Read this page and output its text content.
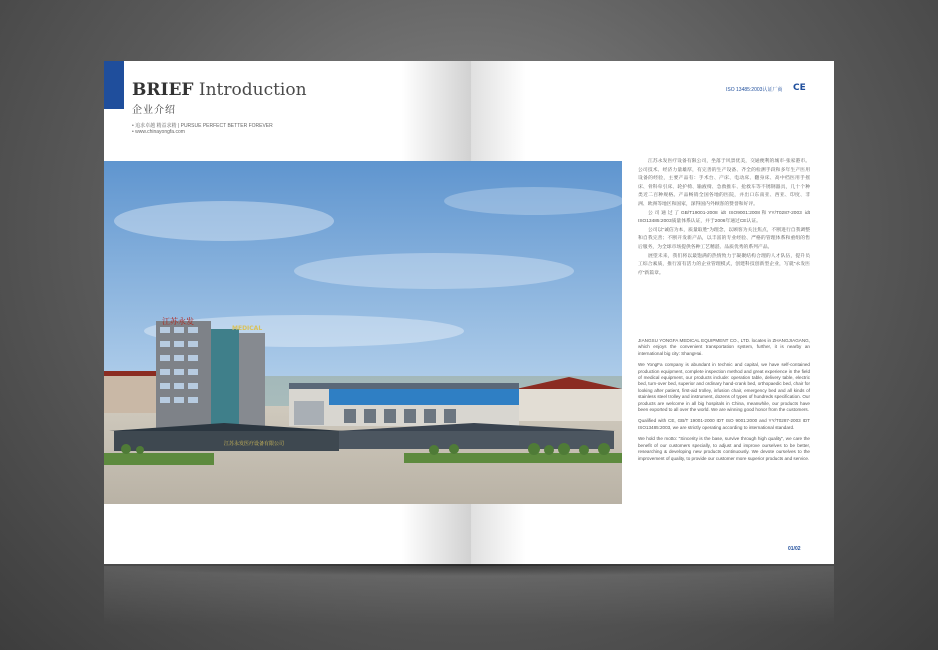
BRIEF Introduction
企业介绍
• 追求卓越 精益求精 | PURSUE PERFECT BETTER FOREVER
• www.chinayongfa.com
江苏永发
MEDICAL
江苏永发医疗设备有限公司
ISO 13485:2003认证厂商 CE

江苏永发医疗设备有限公司，坐落于风景优美，交通便利的城市-张家港市。公司技术、经济力量雄厚，有完善的生产设备、齐全的检测手段和多年生产医用设备的经验，主要产品有：手术台、产床、电动床、翻身床、高中档医用手摇床、骨科牵引床、轮护椅、输液椅、急救推车、抢救车等不锈钢器具，几十个种类近二百种规格。产品畅销全国各地的医院，并出口东南亚、西亚、印度、非洲、欧洲等地区和国家，深得国内外顾客的赞誉和好评。

公司通过了GB/T19001-2008 idt ISO9001:2008和YY/T0287-2003 idt ISO13485:2003质量体系认证，并于2006年通过CE认证。

公司以"诚信为本，质量取胜"为理念，以顾客为关注焦点，不断进行自我调整和自我完善；不断开发新产品，以丰富的专业经验、严格的管理体系和重组的售后服务，为全球市场提供各种工艺精湛、品质优秀的系列产品。

展望未来，我们将以最饱满的热情致力于凝聚结构合理的人才队伍，提升员工综合素质，推行富有活力的企业管理模式，创建科技创新型企业，写就"永发医疗"新篇章。

JIANGSU YONGFA MEDICAL EQUIPMENT CO., LTD. locates in ZHANGJIAGANG, which enjoys the convenient transportation system, further, it is nearby an international big city: ShangHai.

We YongFa company is abundant in technic and capital, we have self-contained production equipment, complete inspection method and great experience in the field of medical equipment, our products include: operation table, delivery table, electric bed, turn-over bed, superior and ordinary hand-crank bed, orthopaedic bed, chair for looking after patient, first-aid trolley, infusion chair, emergency bed and all kinds of stainless steel trolley and instrument, dozens of types of hundreds specification. Our products are welcome in all big hospitals in China, meanwhile, our products have been exported to all over the world. We are winning good honor from the customers.

Qualified with CE, GB/T 19001-2000 IDT ISO 9001:2000 and YY/T0287-2003 IDT ISO13485:2003, we are strictly operating according to international standard.

We hold the motto: "Sincerity is the base, survive through high quality", we care the benefit of our customers specially, to adjust and improve ourselves to be better, researching & developing new products continuously. We devote ourselves to the improvement of quality, to provide our customer more superior products and service.

01/02
